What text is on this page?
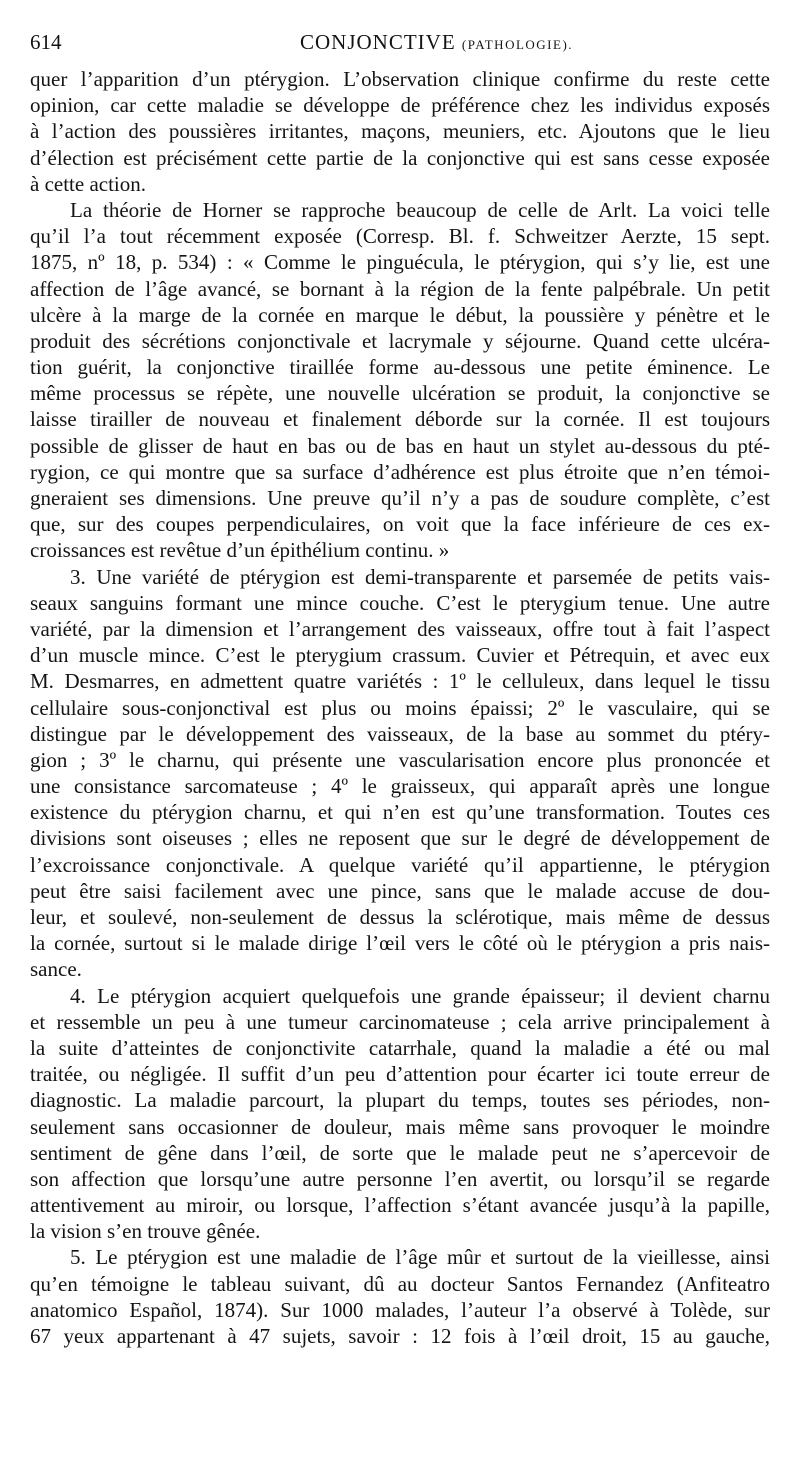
614	CONJONCTIVE (PATHOLOGIE).
quer l’apparition d’un ptérygion. L’observation clinique confirme du reste cette
opinion, car cette maladie se développe de préférence chez les individus exposés
à l’action des poussières irritantes, maçons, meuniers, etc. Ajoutons que le lieu
d’élection est précisément cette partie de la conjonctive qui est sans cesse exposée
à cette action.
La théorie de Horner se rapproche beaucoup de celle de Arlt. La voici telle
qu’il l’a tout récemment exposée (Corresp. Bl. f. Schweitzer Aerzte, 15 sept.
1875, nº 18, p. 534) : « Comme le pinguécula, le ptérygion, qui s’y lie, est une
affection de l’âge avancé, se bornant à la région de la fente palpébrale. Un petit
ulcère à la marge de la cornée en marque le début, la poussière y pénètre et le
produit des sécrétions conjonctivale et lacrymale y séjourne. Quand cette ulcéra-
tion guérit, la conjonctive tiraillée forme au-dessous une petite éminence. Le
même processus se répète, une nouvelle ulcération se produit, la conjonctive se
laisse tirailler de nouveau et finalement déborde sur la cornée. Il est toujours
possible de glisser de haut en bas ou de bas en haut un stylet au-dessous du pté-
rygion, ce qui montre que sa surface d’adhérence est plus étroite que n’en témoi-
gneraient ses dimensions. Une preuve qu’il n’y a pas de soudure complète, c’est
que, sur des coupes perpendiculaires, on voit que la face inférieure de ces ex-
croissances est revêtue d’un épithélium continu. »
3. Une variété de ptérygion est demi-transparente et parsemée de petits vais-
seaux sanguins formant une mince couche. C’est le pterygium tenue. Une autre
variété, par la dimension et l’arrangement des vaisseaux, offre tout à fait l’aspect
d’un muscle mince. C’est le pterygium crassum. Cuvier et Pétrequin, et avec eux
M. Desmarres, en admettent quatre variétés : 1º le celluleux, dans lequel le tissu
cellulaire sous-conjonctival est plus ou moins épaissi; 2º le vasculaire, qui se
distingue par le développement des vaisseaux, de la base au sommet du ptéry-
gion ; 3º le charnu, qui présente une vascularisation encore plus prononcée et
une consistance sarcomateuse ; 4º le graisseux, qui apparaît après une longue
existence du ptérygion charnu, et qui n’en est qu’une transformation. Toutes ces
divisions sont oiseuses ; elles ne reposent que sur le degré de développement de
l’excroissance conjonctivale. A quelque variété qu’il appartienne, le ptérygion
peut être saisi facilement avec une pince, sans que le malade accuse de dou-
leur, et soulevé, non-seulement de dessus la sclérotique, mais même de dessus
la cornée, surtout si le malade dirige l’œil vers le côté où le ptérygion a pris nais-
sance.
4. Le ptérygion acquiert quelquefois une grande épaisseur; il devient charnu
et ressemble un peu à une tumeur carcinomateuse ; cela arrive principalement à
la suite d’atteintes de conjonctivite catarrhale, quand la maladie a été ou mal
traitée, ou négligée. Il suffit d’un peu d’attention pour écarter ici toute erreur de
diagnostic. La maladie parcourt, la plupart du temps, toutes ses périodes, non-
seulement sans occasionner de douleur, mais même sans provoquer le moindre
sentiment de gêne dans l’œil, de sorte que le malade peut ne s’apercevoir de
son affection que lorsqu’une autre personne l’en avertit, ou lorsqu’il se regarde
attentivement au miroir, ou lorsque, l’affection s’étant avancée jusqu’à la papille,
la vision s’en trouve gênée.
5. Le ptérygion est une maladie de l’âge mûr et surtout de la vieillesse, ainsi
qu’en témoigne le tableau suivant, dû au docteur Santos Fernandez (Anfiteatro
anatomico Español, 1874). Sur 1000 malades, l’auteur l’a observé à Tolède, sur
67 yeux appartenant à 47 sujets, savoir : 12 fois à l’œil droit, 15 au gauche,
